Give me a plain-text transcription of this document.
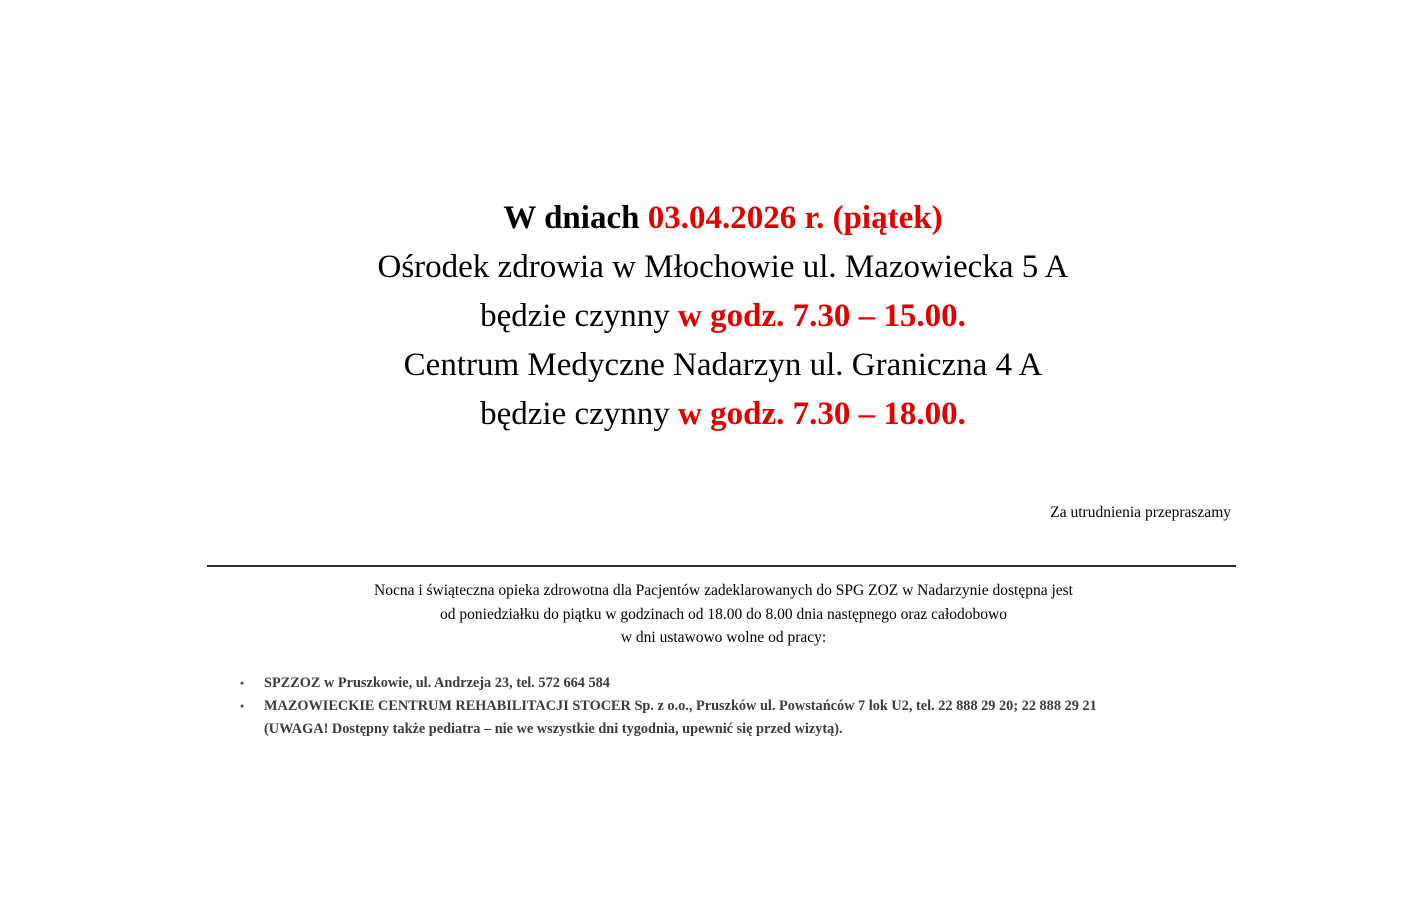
W dniach 03.04.2026 r. (piątek)
Ośrodek zdrowia w Młochowie ul. Mazowiecka 5 A
będzie czynny w godz. 7.30 – 15.00.
Centrum Medyczne Nadarzyn ul. Graniczna 4 A
będzie czynny w godz. 7.30 – 18.00.
Za utrudnienia przepraszamy
Nocna i świąteczna opieka zdrowotna dla Pacjentów zadeklarowanych do SPG ZOZ w Nadarzynie dostępna jest
od poniedziałku do piątku w godzinach od 18.00 do 8.00 dnia następnego oraz całodobowo
w dni ustawowo wolne od pracy:
• SPZZOZ w Pruszkowie, ul. Andrzeja 23, tel. 572 664 584
• MAZOWIECKIE CENTRUM REHABILITACJI STOCER Sp. z o.o., Pruszków ul. Powstańców 7 lok U2, tel. 22 888 29 20; 22 888 29 21
(UWAGA! Dostępny także pediatra – nie we wszystkie dni tygodnia, upewnić się przed wizytą).
